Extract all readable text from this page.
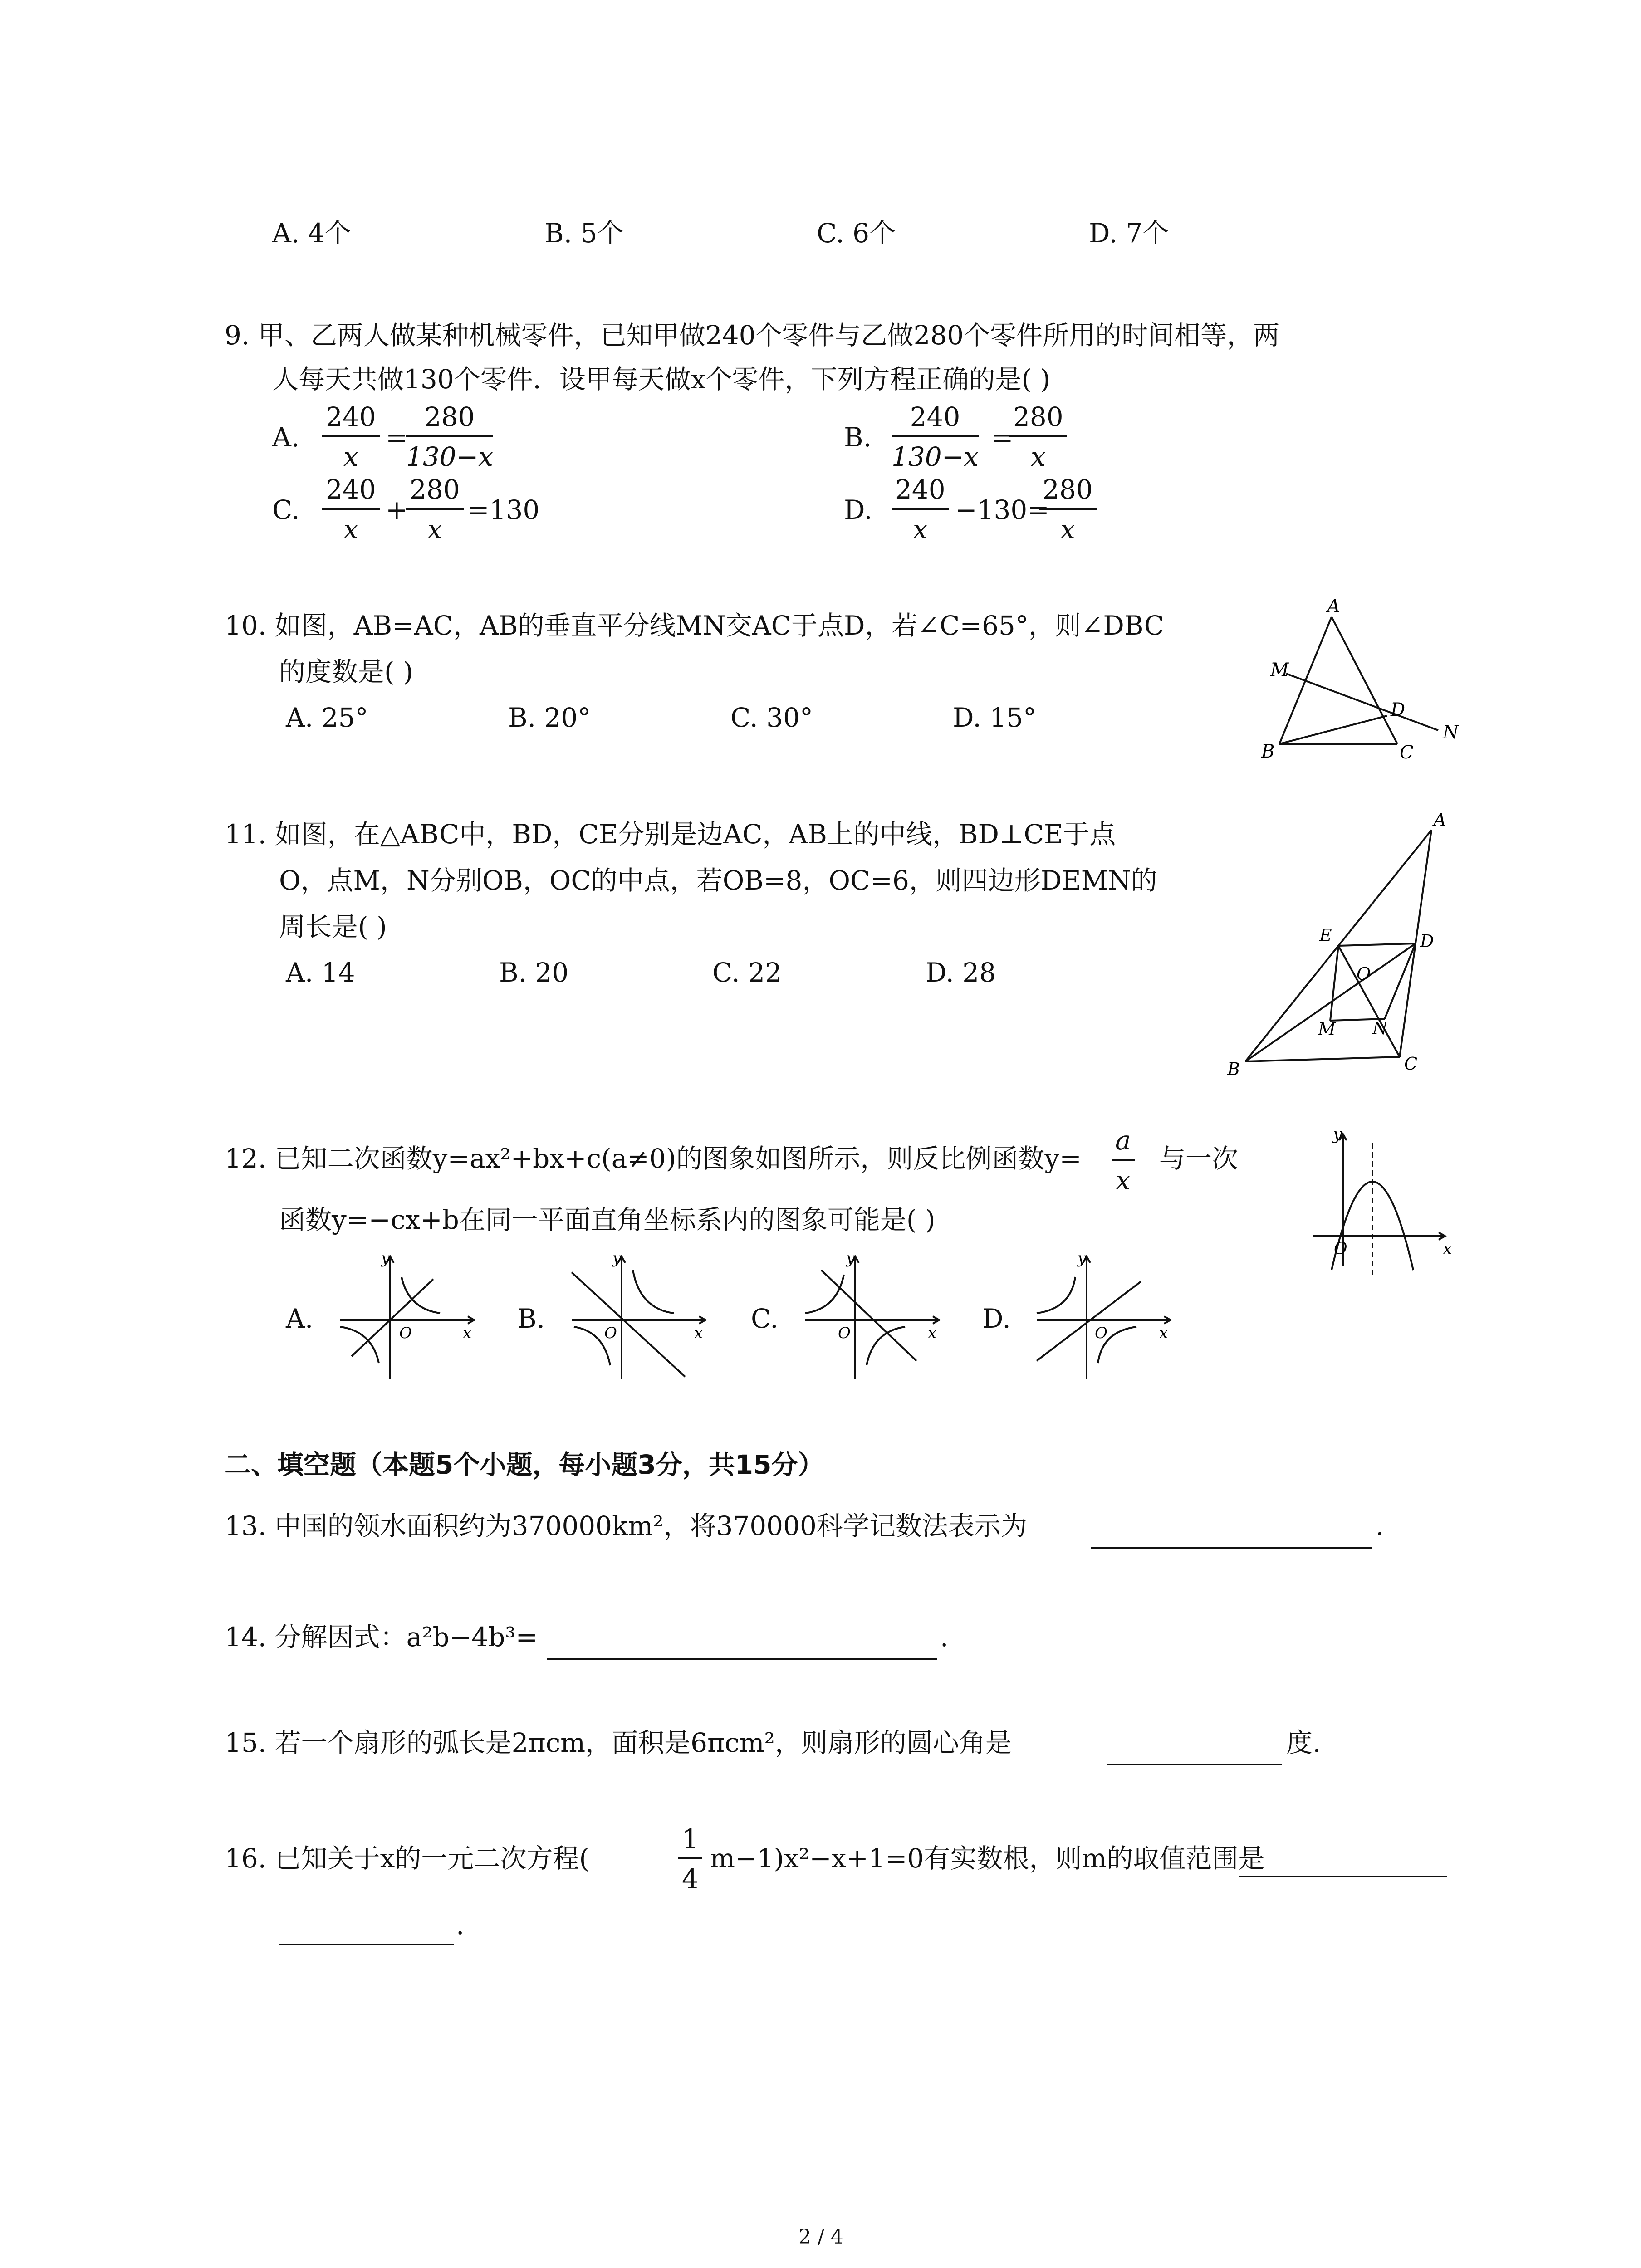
A. 4个	B. 5个	C. 6个	D. 7个
9. 甲、乙两人做某种机械零件，已知甲做240个零件与乙做280个零件所用的时间相等，两
人每天共做130个零件．设甲每天做x个零件，下列方程正确的是( )
A. $\frac{240}{x}$ =
$\frac{280}{130-x}$	B. $\frac{240}{130-x}$ =
$\frac{280}{x}$
C. $\frac{240}{x}$ +
$\frac{280}{x} =130$	D. $\frac{240}{x} -130=$
$\frac{280}{x}$
10. 如图，AB=AC，AB的垂直平分线MN交AC于点D，若∠C=65°，则∠DBC
的度数是( )
A. 25°	B. 20°	C. 30°	D. 15°
A
M
D
N
B	C
11. 如图，在△ABC中，BD，CE分别是边AC，AB上的中线，BD⊥CE于点
O，点M，N分别OB，OC的中点，若OB=8，OC=6，则四边形DEMN的
周长是( )
A. 14	B. 20	C. 22	D. 28
A
E	D
O
M N
B	C
12. 已知二次函数y=ax²+bx+c(a≠0)的图象如图所示，则反比例函数$y= \frac{a}{x}$ 与一次
函数y=−cx+b在同一平面直角坐标系内的图象可能是( )
y
O	x
A.	B.	C.	D.
y
O	x
y
O	x
y
O	x
y
O	x
二、填空题（本题5个小题，每小题3分，共15分）
13. 中国的领水面积约为370000km²，将370000科学记数法表示为	.
14. 分解因式：a²b−4b³=	.
15. 若一个扇形的弧长是2πcm，面积是6πcm²，则扇形的圆心角是	度.
16. 已知关于x的一元二次方程(	$\frac{1}{4} m-1)x^2-x+1=0$有实数根，则m的取值范围是
.
2 / 4
